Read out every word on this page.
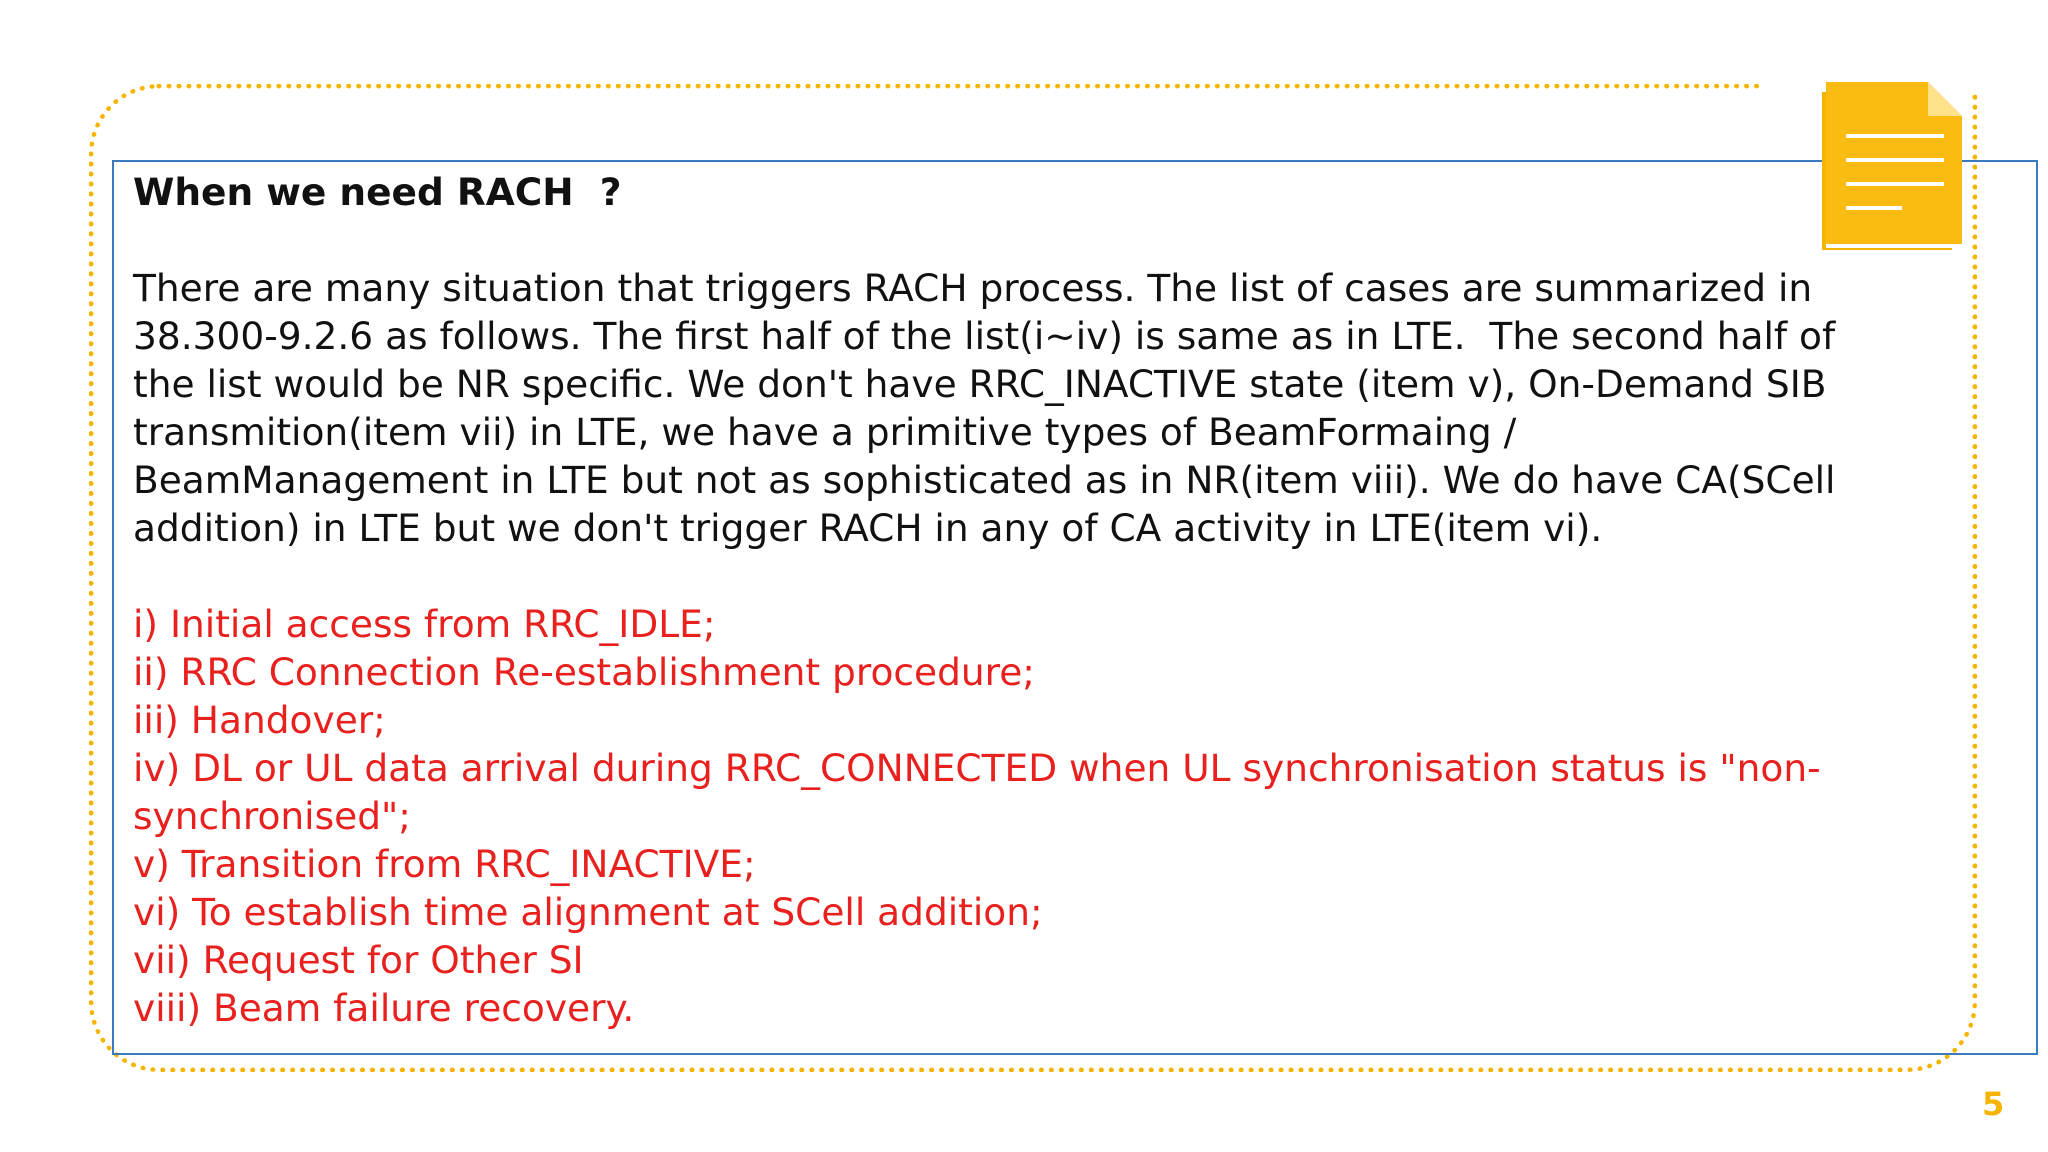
When we need RACH  ?
There are many situation that triggers RACH process. The list of cases are summarized in
38.300-9.2.6 as follows. The first half of the list(i~iv) is same as in LTE.  The second half of
the list would be NR specific. We don't have RRC_INACTIVE state (item v), On-Demand SIB
transmition(item vii) in LTE, we have a primitive types of BeamFormaing /
BeamManagement in LTE but not as sophisticated as in NR(item viii). We do have CA(SCell
addition) in LTE but we don't trigger RACH in any of CA activity in LTE(item vi).
i) Initial access from RRC_IDLE;
ii) RRC Connection Re-establishment procedure;
iii) Handover;
iv) DL or UL data arrival during RRC_CONNECTED when UL synchronisation status is "non-
synchronised";
v) Transition from RRC_INACTIVE;
vi) To establish time alignment at SCell addition;
vii) Request for Other SI
viii) Beam failure recovery.
5
